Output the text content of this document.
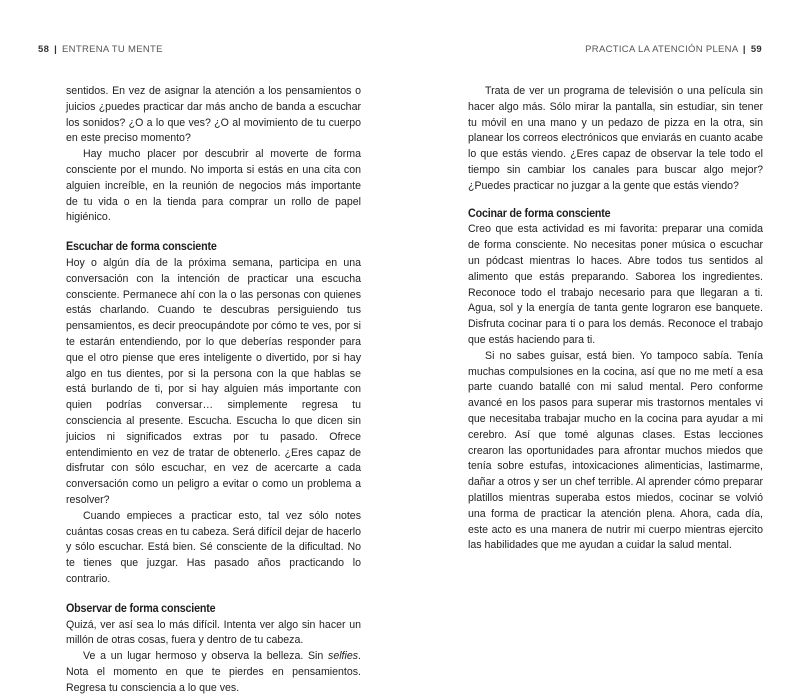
58 | ENTRENA TU MENTE

sentidos. En vez de asignar la atención a los pensamientos o juicios ¿puedes practicar dar más ancho de banda a escuchar los sonidos? ¿O a lo que ves? ¿O al movimiento de tu cuerpo en este preciso momento?

Hay mucho placer por descubrir al moverte de forma consciente por el mundo. No importa si estás en una cita con alguien increíble, en la reunión de negocios más importante de tu vida o en la tienda para comprar un rollo de papel higiénico.

Escuchar de forma consciente

Hoy o algún día de la próxima semana, participa en una conversación con la intención de practicar una escucha consciente. Permanece ahí con la o las personas con quienes estás charlando. Cuando te descubras persiguiendo tus pensamientos, es decir preocupándote por cómo te ves, por si te estarán entendiendo, por lo que deberías responder para que el otro piense que eres inteligente o divertido, por si hay algo en tus dientes, por si la persona con la que hablas se está burlando de ti, por si hay alguien más importante con quien podrías conversar… simplemente regresa tu consciencia al presente. Escucha. Escucha lo que dicen sin juicios ni significados extras por tu pasado. Ofrece entendimiento en vez de tratar de obtenerlo. ¿Eres capaz de disfrutar con sólo escuchar, en vez de acercarte a cada conversación como un peligro a evitar o como un problema a resolver?

Cuando empieces a practicar esto, tal vez sólo notes cuántas cosas creas en tu cabeza. Será difícil dejar de hacerlo y sólo escuchar. Está bien. Sé consciente de la dificultad. No te tienes que juzgar. Has pasado años practicando lo contrario.

Observar de forma consciente

Quizá, ver así sea lo más difícil. Intenta ver algo sin hacer un millón de otras cosas, fuera y dentro de tu cabeza.

Ve a un lugar hermoso y observa la belleza. Sin selfies. Nota el momento en que te pierdes en pensamientos. Regresa tu consciencia a lo que ves.

PRACTICA LA ATENCIÓN PLENA | 59

Trata de ver un programa de televisión o una película sin hacer algo más. Sólo mirar la pantalla, sin estudiar, sin tener tu móvil en una mano y un pedazo de pizza en la otra, sin planear los correos electrónicos que enviarás en cuanto acabe lo que estás viendo. ¿Eres capaz de observar la tele todo el tiempo sin cambiar los canales para buscar algo mejor? ¿Puedes practicar no juzgar a la gente que estás viendo?

Cocinar de forma consciente

Creo que esta actividad es mi favorita: preparar una comida de forma consciente. No necesitas poner música o escuchar un pódcast mientras lo haces. Abre todos tus sentidos al alimento que estás preparando. Saborea los ingredientes. Reconoce todo el trabajo necesario para que llegaran a ti. Agua, sol y la energía de tanta gente lograron ese banquete. Disfruta cocinar para ti o para los demás. Reconoce el trabajo que estás haciendo para ti.

Si no sabes guisar, está bien. Yo tampoco sabía. Tenía muchas compulsiones en la cocina, así que no me metí a esa parte cuando batallé con mi salud mental. Pero conforme avancé en los pasos para superar mis trastornos mentales vi que necesitaba trabajar mucho en la cocina para ayudar a mi cerebro. Así que tomé algunas clases. Estas lecciones crearon las oportunidades para afrontar muchos miedos que tenía sobre estufas, intoxicaciones alimenticias, lastimarme, dañar a otros y ser un chef terrible. Al aprender cómo preparar platillos mientras superaba estos miedos, cocinar se volvió una forma de practicar la atención plena. Ahora, cada día, este acto es una manera de nutrir mi cuerpo mientras ejercito las habilidades que me ayudan a cuidar la salud mental.
